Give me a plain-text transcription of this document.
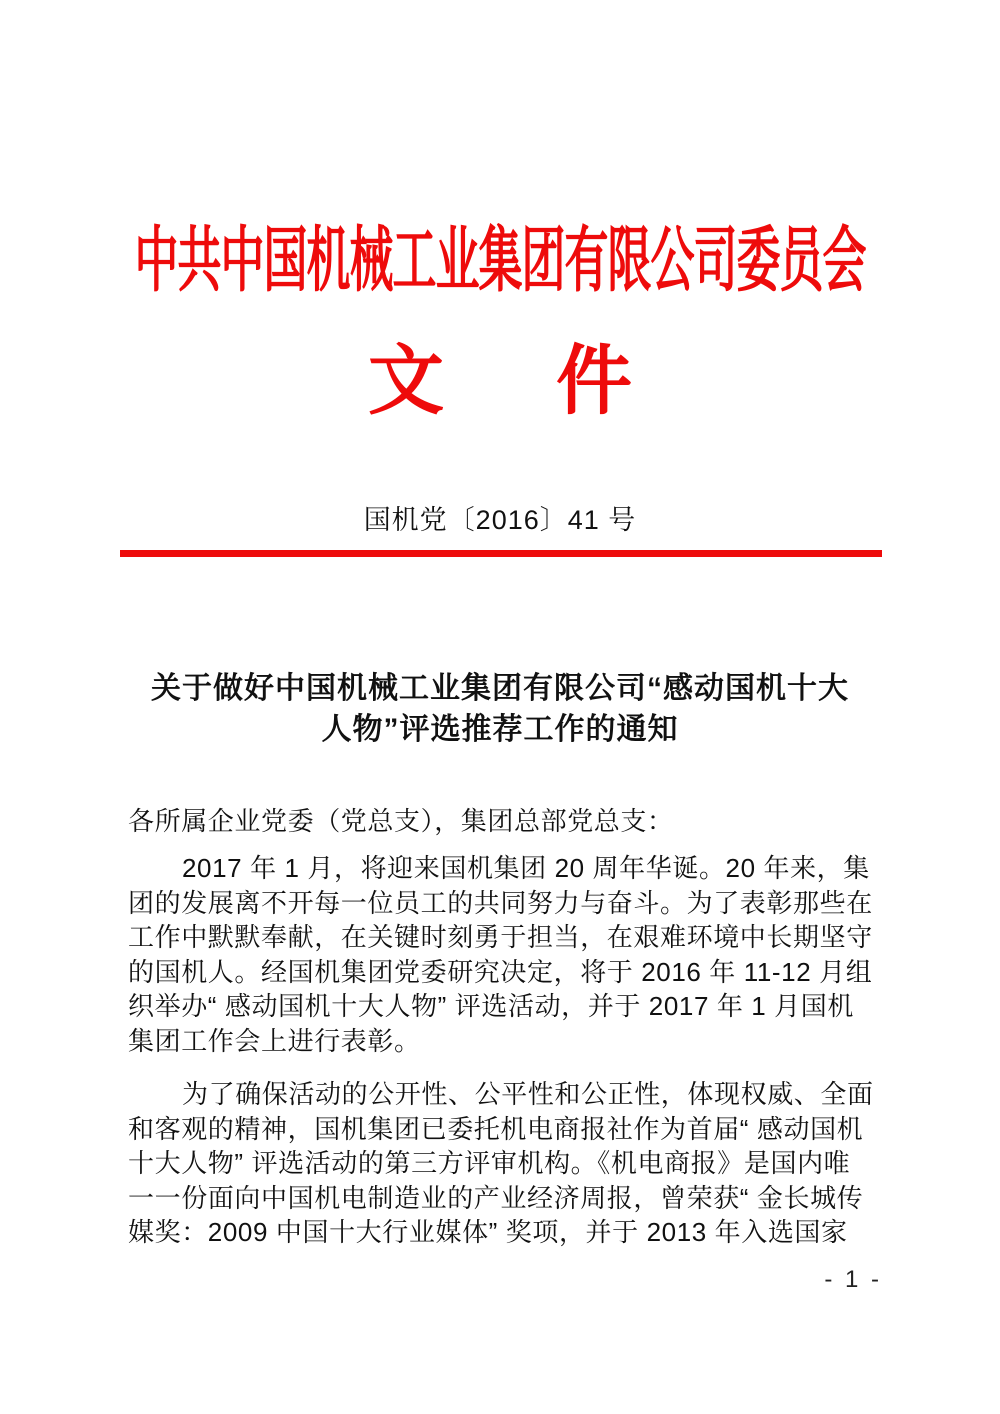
中共中国机械工业集团有限公司委员会
文 件
国机党〔2016〕41 号
关于做好中国机械工业集团有限公司“感动国机十大
人物”评选推荐工作的通知
各所属企业党委（党总支），集团总部党总支：
2017 年 1 月，将迎来国机集团 20 周年华诞。20 年来，集
团的发展离不开每一位员工的共同努力与奋斗。为了表彰那些在
工作中默默奉献，在关键时刻勇于担当，在艰难环境中长期坚守
的国机人。经国机集团党委研究决定，将于 2016 年 11-12 月组
织举办“ 感动国机十大人物” 评选活动，并于 2017 年 1 月国机
集团工作会上进行表彰。
为了确保活动的公开性、公平性和公正性，体现权威、全面
和客观的精神，国机集团已委托机电商报社作为首届“ 感动国机
十大人物” 评选活动的第三方评审机构。《机电商报》是国内唯
一一份面向中国机电制造业的产业经济周报，曾荣获“ 金长城传
媒奖：2009 中国十大行业媒体” 奖项，并于 2013 年入选国家
- 1 -
